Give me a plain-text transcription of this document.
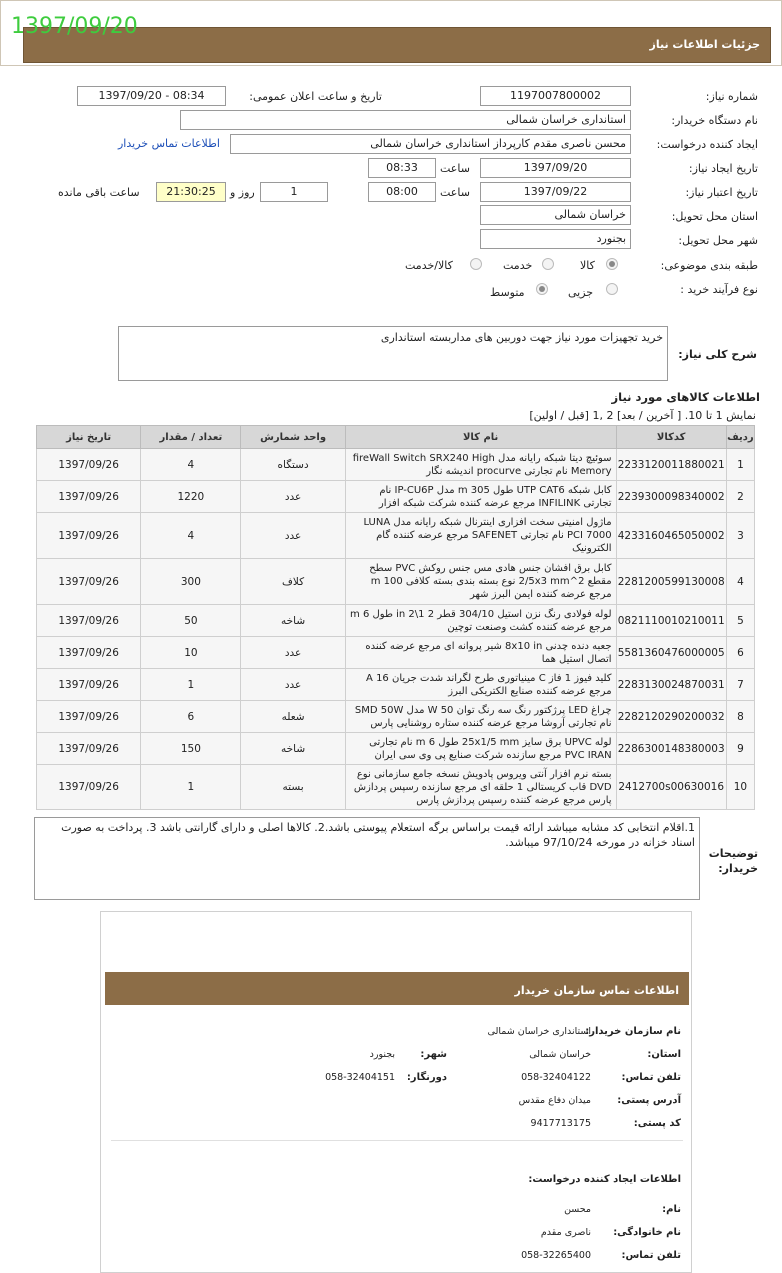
جزئیات اطلاعات نیاز
1397/09/20
شماره نیاز:
1197007800002
تاریخ و ساعت اعلان عمومی:
1397/09/20 - 08:34
نام دستگاه خریدار:
استانداری خراسان شمالی
ایجاد کننده درخواست:
محسن ناصری مقدم کارپرداز استانداری خراسان شمالی
اطلاعات تماس خریدار
تاریخ ایجاد نیاز:
1397/09/20
ساعت
08:33
تاریخ اعتبار نیاز:
1397/09/22
ساعت
08:00
1
روز و
21:30:25
ساعت باقی مانده
استان محل تحویل:
خراسان شمالی
شهر محل تحویل:
بجنورد
طبقه بندی موضوعی:
کالا
خدمت
کالا/خدمت
نوع فرآیند خرید :
جزیی
متوسط
شرح کلی نیاز:
خرید تجهیزات مورد نیاز جهت دوربین های مداربسته استانداری
اطلاعات کالاهای مورد نیاز
نمایش 1 تا 10. [ آخرین / بعد] 2 ,1 [قبل / اولین]
ردیف	کدکالا	نام کالا	واحد شمارش	تعداد / مقدار	تاریخ نیاز
1	2233120011880021	سوئیچ دیتا شبکه رایانه مدل fireWall Switch SRX240 High Memory نام تجارتی procurve اندیشه نگار	دستگاه	4	1397/09/26
2	2239300098340002	کابل شبکه UTP CAT6 طول 305 m مدل IP-CU6P نام تجارتی INFILINK مرجع عرضه کننده شرکت شبکه افزار	عدد	1220	1397/09/26
3	4233160465050002	ماژول امنیتی سخت افزاری اینترنال شبکه رایانه مدل LUNA PCI 7000 نام تجارتی SAFENET مرجع عرضه کننده گام الکترونیک	عدد	4	1397/09/26
4	2281200599130008	کابل برق افشان جنس هادی مس جنس روکش PVC سطح مقطع 2^2/5x3 mm نوع بسته بندی بسته کلافی 100 m مرجع عرضه کننده ایمن البرز شهر	کلاف	300	1397/09/26
5	0821110010210011	لوله فولادی رنگ نزن استیل 304/10 قطر 2 1\2 in طول 6 m مرجع عرضه کننده کشت وصنعت توچین	شاخه	50	1397/09/26
6	5581360476000005	جعبه دنده چدنی 8x10 in شیر پروانه ای مرجع عرضه کننده اتصال استیل هما	عدد	10	1397/09/26
7	2283130024870031	کلید فیوز 1 فاز C مینیاتوری طرح لگراند شدت جریان 16 A مرجع عرضه کننده صنایع الکتریکی البرز	عدد	1	1397/09/26
8	2282120290200032	چراغ LED پرژکتور رنگ سه رنگ توان 50 W مدل SMD 50W نام تجارتی آروشا مرجع عرضه کننده ستاره روشنایی پارس	شعله	6	1397/09/26
9	2286300148380003	لوله UPVC برق سایز 25x1/5 mm طول 6 m نام تجارتی PVC IRAN مرجع سازنده شرکت صنایع پی وی سی ایران	شاخه	150	1397/09/26
10	2412700s00630016	بسته نرم افزار آنتی ویروس پادویش نسخه جامع سازمانی نوع DVD قاب کریستالی 1 حلقه ای مرجع سازنده رسپس پردازش پارس مرجع عرضه کننده رسپس پردازش پارس	بسته	1	1397/09/26
توضیحات خریدار:
1.اقلام انتخابی کد مشابه میباشد ارائه قیمت براساس برگه استعلام پیوستی باشد.2. کالاها اصلی و دارای گارانتی باشد 3. پرداخت به صورت اسناد خزانه در مورخه 97/10/24 میباشد.
اطلاعات تماس سازمان خریدار
نام سازمان خریدار:
استانداری خراسان شمالی
استان:
خراسان شمالی
شهر:
بجنورد
تلفن تماس:
058-32404122
دورنگار:
058-32404151
آدرس پستی:
میدان دفاع مقدس
کد پستی:
9417713175
اطلاعات ایجاد کننده درخواست:
نام:
محسن
نام خانوادگی:
ناصری مقدم
تلفن تماس:
058-32265400
